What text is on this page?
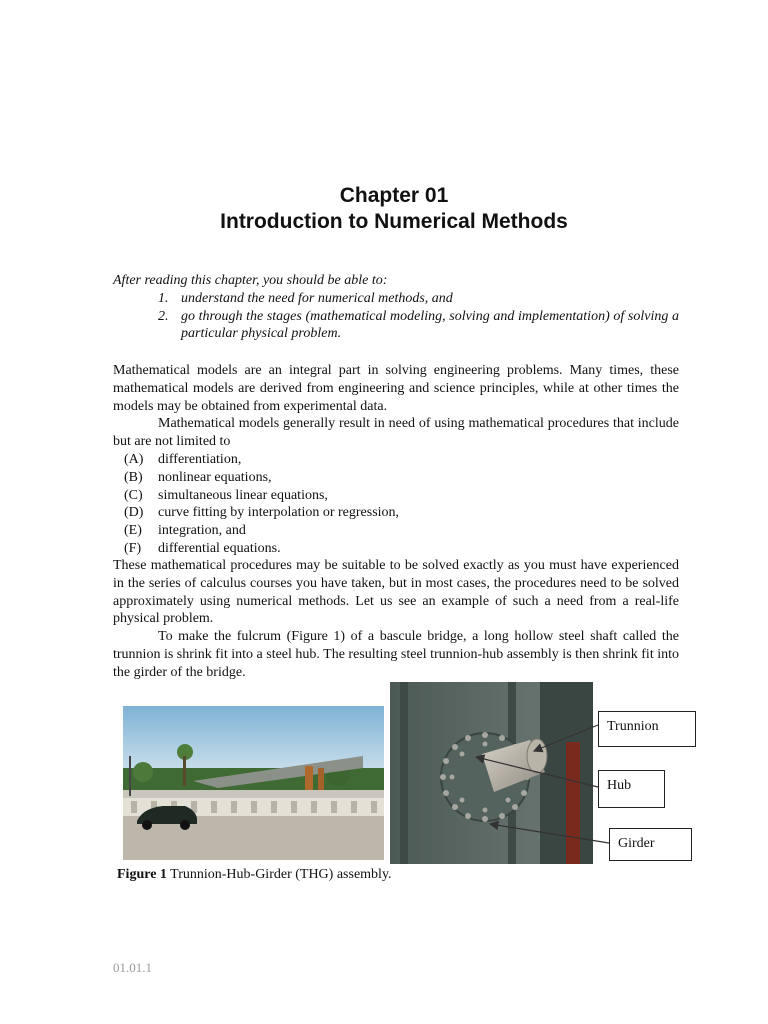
Chapter 01
Introduction to Numerical Methods
After reading this chapter, you should be able to:
1. understand the need for numerical methods, and
2. go through the stages (mathematical modeling, solving and implementation) of solving a particular physical problem.
Mathematical models are an integral part in solving engineering problems. Many times, these mathematical models are derived from engineering and science principles, while at other times the models may be obtained from experimental data.
Mathematical models generally result in need of using mathematical procedures that include but are not limited to
(A) differentiation,
(B) nonlinear equations,
(C) simultaneous linear equations,
(D) curve fitting by interpolation or regression,
(E) integration, and
(F) differential equations.
These mathematical procedures may be suitable to be solved exactly as you must have experienced in the series of calculus courses you have taken, but in most cases, the procedures need to be solved approximately using numerical methods. Let us see an example of such a need from a real-life physical problem.
To make the fulcrum (Figure 1) of a bascule bridge, a long hollow steel shaft called the trunnion is shrink fit into a steel hub. The resulting steel trunnion-hub assembly is then shrink fit into the girder of the bridge.
Trunnion
Hub
Girder
Figure 1 Trunnion-Hub-Girder (THG) assembly.
01.01.1
